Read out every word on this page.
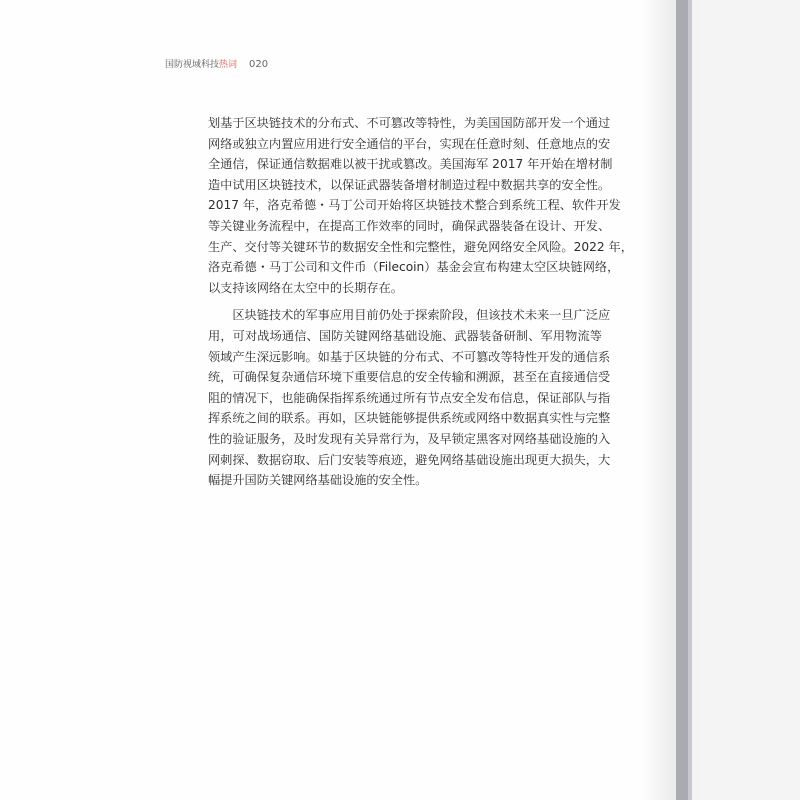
国防视域科技热词 020
划基于区块链技术的分布式、不可篡改等特性，为美国国防部开发一个通过
网络或独立内置应用进行安全通信的平台，实现在任意时刻、任意地点的安
全通信，保证通信数据难以被干扰或篡改。美国海军 2017 年开始在增材制
造中试用区块链技术，以保证武器装备增材制造过程中数据共享的安全性。
2017 年，洛克希德・马丁公司开始将区块链技术整合到系统工程、软件开发
等关键业务流程中，在提高工作效率的同时，确保武器装备在设计、开发、
生产、交付等关键环节的数据安全性和完整性，避免网络安全风险。2022 年，
洛克希德・马丁公司和文件币（Filecoin）基金会宣布构建太空区块链网络，
以支持该网络在太空中的长期存在。
　　区块链技术的军事应用目前仍处于探索阶段，但该技术未来一旦广泛应
用，可对战场通信、国防关键网络基础设施、武器装备研制、军用物流等
领域产生深远影响。如基于区块链的分布式、不可篡改等特性开发的通信系
统，可确保复杂通信环境下重要信息的安全传输和溯源，甚至在直接通信受
阻的情况下，也能确保指挥系统通过所有节点安全发布信息，保证部队与指
挥系统之间的联系。再如，区块链能够提供系统或网络中数据真实性与完整
性的验证服务，及时发现有关异常行为，及早锁定黑客对网络基础设施的入
网刺探、数据窃取、后门安装等痕迹，避免网络基础设施出现更大损失，大
幅提升国防关键网络基础设施的安全性。
